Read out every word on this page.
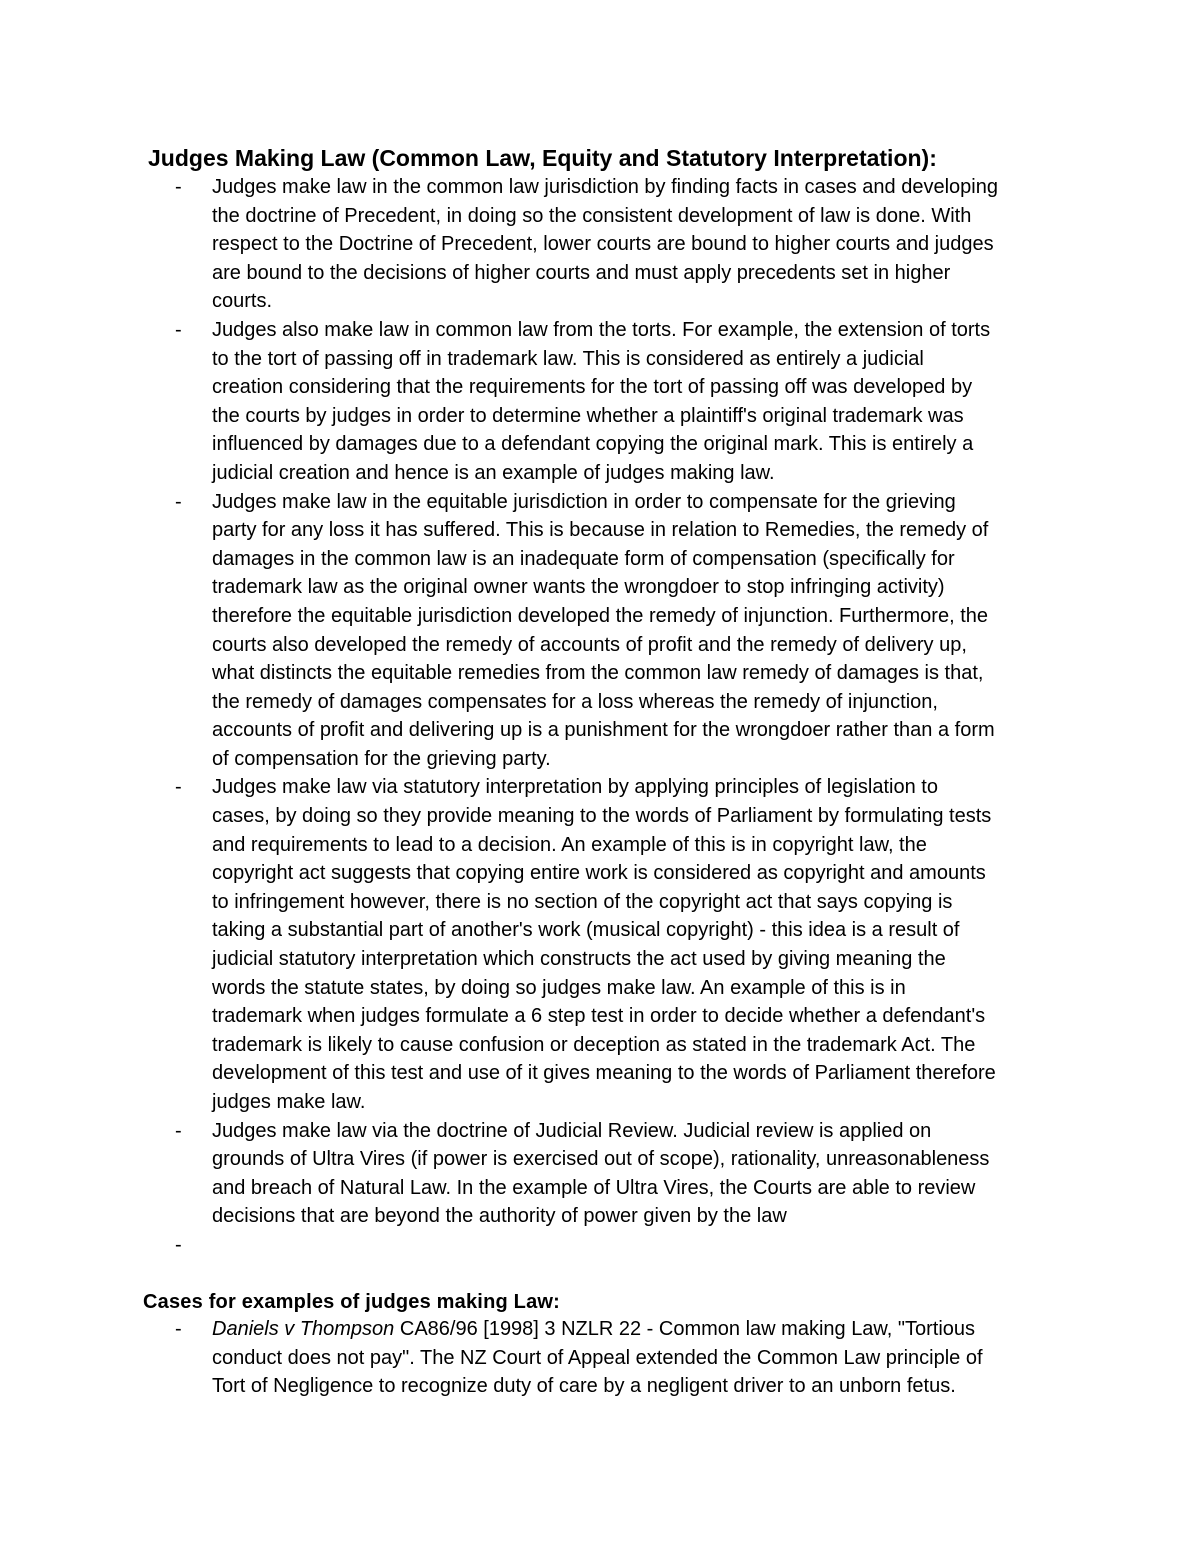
Judges Making Law (Common Law, Equity and Statutory Interpretation):
- Judges make law in the common law jurisdiction by finding facts in cases and developing
the doctrine of Precedent, in doing so the consistent development of law is done. With
respect to the Doctrine of Precedent, lower courts are bound to higher courts and judges
are bound to the decisions of higher courts and must apply precedents set in higher
courts.
- Judges also make law in common law from the torts. For example, the extension of torts
to the tort of passing off in trademark law. This is considered as entirely a judicial
creation considering that the requirements for the tort of passing off was developed by
the courts by judges in order to determine whether a plaintiff's original trademark was
influenced by damages due to a defendant copying the original mark. This is entirely a
judicial creation and hence is an example of judges making law.
- Judges make law in the equitable jurisdiction in order to compensate for the grieving
party for any loss it has suffered. This is because in relation to Remedies, the remedy of
damages in the common law is an inadequate form of compensation (specifically for
trademark law as the original owner wants the wrongdoer to stop infringing activity)
therefore the equitable jurisdiction developed the remedy of injunction. Furthermore, the
courts also developed the remedy of accounts of profit and the remedy of delivery up,
what distincts the equitable remedies from the common law remedy of damages is that,
the remedy of damages compensates for a loss whereas the remedy of injunction,
accounts of profit and delivering up is a punishment for the wrongdoer rather than a form
of compensation for the grieving party.
- Judges make law via statutory interpretation by applying principles of legislation to
cases, by doing so they provide meaning to the words of Parliament by formulating tests
and requirements to lead to a decision. An example of this is in copyright law, the
copyright act suggests that copying entire work is considered as copyright and amounts
to infringement however, there is no section of the copyright act that says copying is
taking a substantial part of another's work (musical copyright) - this idea is a result of
judicial statutory interpretation which constructs the act used by giving meaning the
words the statute states, by doing so judges make law. An example of this is in
trademark when judges formulate a 6 step test in order to decide whether a defendant's
trademark is likely to cause confusion or deception as stated in the trademark Act. The
development of this test and use of it gives meaning to the words of Parliament therefore
judges make law.
- Judges make law via the doctrine of Judicial Review. Judicial review is applied on
grounds of Ultra Vires (if power is exercised out of scope), rationality, unreasonableness
and breach of Natural Law. In the example of Ultra Vires, the Courts are able to review
decisions that are beyond the authority of power given by the law
-

Cases for examples of judges making Law:
- Daniels v Thompson CA86/96 [1998] 3 NZLR 22 - Common law making Law, "Tortious
conduct does not pay". The NZ Court of Appeal extended the Common Law principle of
Tort of Negligence to recognize duty of care by a negligent driver to an unborn fetus.
